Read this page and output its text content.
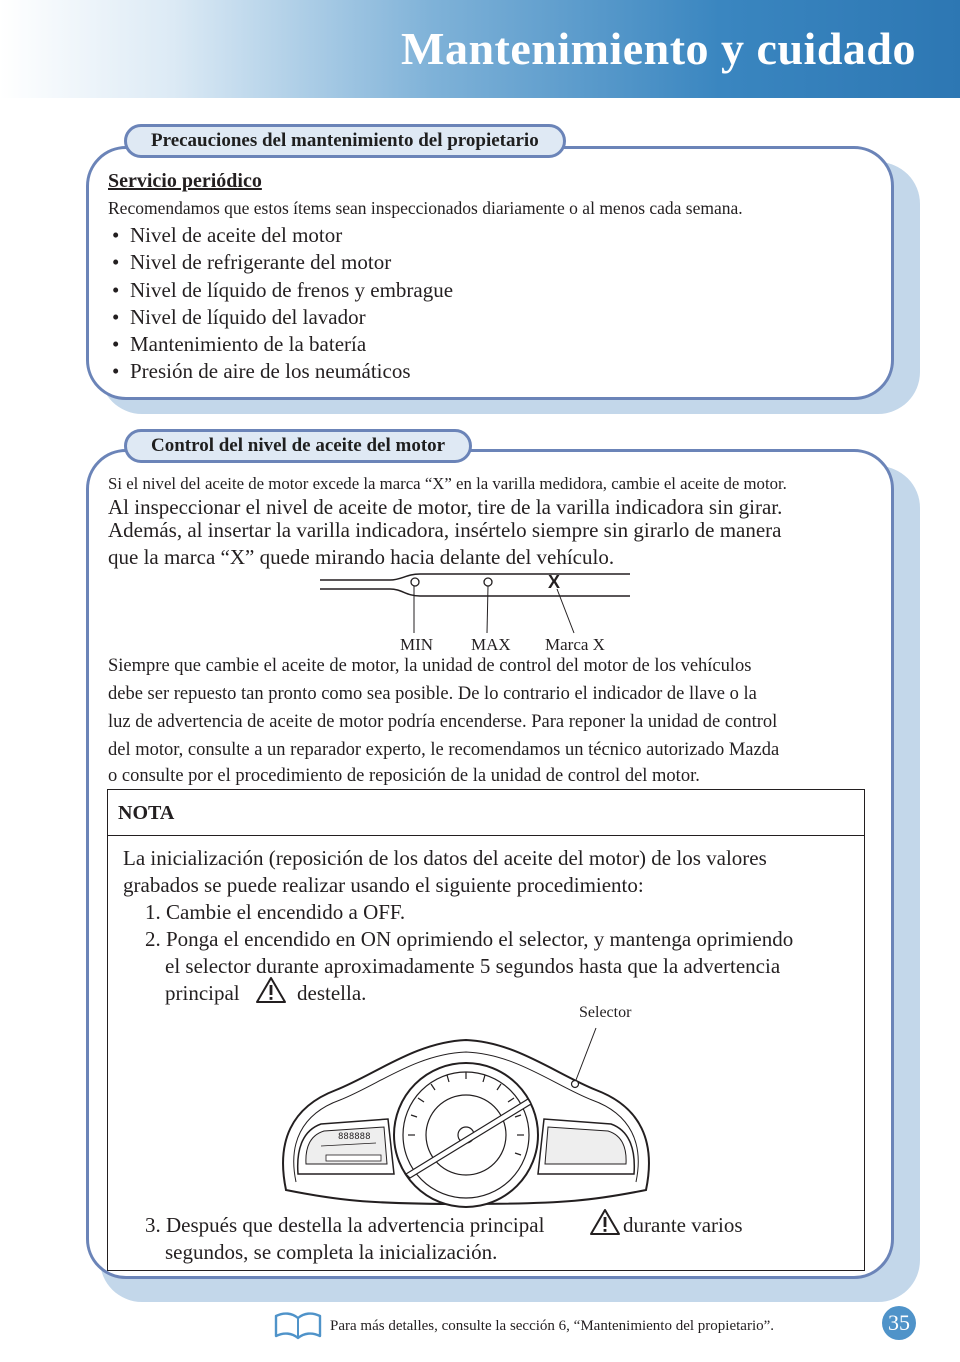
Mantenimiento y cuidado
Precauciones del mantenimiento del propietario
Servicio periódico
Recomendamos que estos ítems sean inspeccionados diariamente o al menos cada semana.
• Nivel de aceite del motor
• Nivel de refrigerante del motor
• Nivel de líquido de frenos y embrague
• Nivel de líquido del lavador
• Mantenimiento de la batería
• Presión de aire de los neumáticos
Control del nivel de aceite del motor
Si el nivel del aceite de motor excede la marca “X” en la varilla medidora, cambie el aceite de motor.
Al inspeccionar el nivel de aceite de motor, tire de la varilla indicadora sin girar.
Además, al insertar la varilla indicadora, insértelo siempre sin girarlo de manera
que la marca “X” quede mirando hacia delante del vehículo.
X
MIN MAX Marca X
Siempre que cambie el aceite de motor, la unidad de control del motor de los vehículos
debe ser repuesto tan pronto como sea posible. De lo contrario el indicador de llave o la
luz de advertencia de aceite de motor podría encenderse. Para reponer la unidad de control
del motor, consulte a un reparador experto, le recomendamos un técnico autorizado Mazda
o consulte por el procedimiento de reposición de la unidad de control del motor.
NOTA
La inicialización (reposición de los datos del aceite del motor) de los valores
grabados se puede realizar usando el siguiente procedimiento:
1. Cambie el encendido a OFF.
2. Ponga el encendido en ON oprimiendo el selector, y mantenga oprimiendo
el selector durante aproximadamente 5 segundos hasta que la advertencia
principal	destella.
Selector
888888
3. Después que destella la advertencia principal	durante varios
segundos, se completa la inicialización.
Para más detalles, consulte la sección 6, “Mantenimiento del propietario”.	35
